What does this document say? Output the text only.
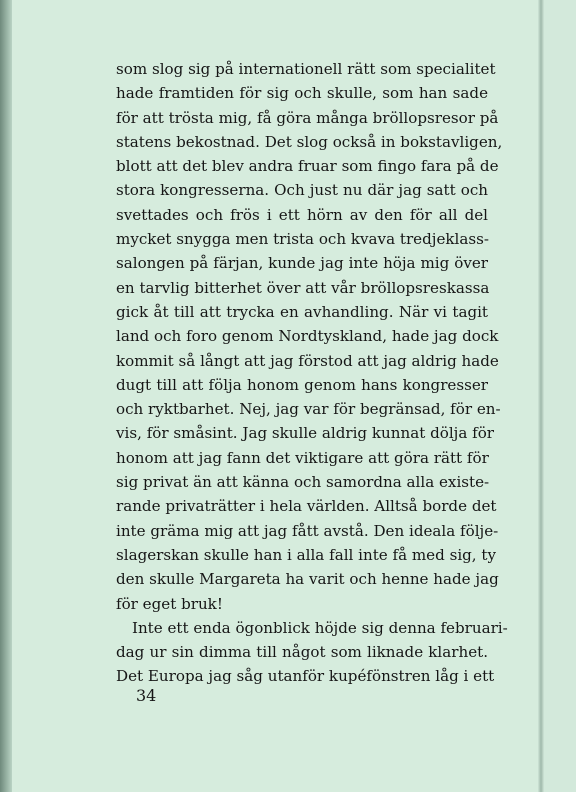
som slog sig på internationell rätt som specialitet
hade framtiden för sig och skulle, som han sade
för att trösta mig, få göra många bröllopsresor på
statens bekostnad. Det slog också in bokstavligen,
blott att det blev andra fruar som fingo fara på de
stora kongresserna. Och just nu där jag satt och
svettades och frös i ett hörn av den för all del
mycket snygga men trista och kvava tredjeklass-
salongen på färjan, kunde jag inte höja mig över
en tarvlig bitterhet över att vår bröllopsreskassa
gick åt till att trycka en avhandling. När vi tagit
land och foro genom Nordtyskland, hade jag dock
kommit så långt att jag förstod att jag aldrig hade
dugt till att följa honom genom hans kongresser
och ryktbarhet. Nej, jag var för begränsad, för en-
vis, för småsint. Jag skulle aldrig kunnat dölja för
honom att jag fann det viktigare att göra rätt för
sig privat än att känna och samordna alla existe-
rande privaträtter i hela världen. Alltså borde det
inte gräma mig att jag fått avstå. Den ideala följe-
slagerskan skulle han i alla fall inte få med sig, ty
den skulle Margareta ha varit och henne hade jag
för eget bruk!
Inte ett enda ögonblick höjde sig denna februari-
dag ur sin dimma till något som liknade klarhet.
Det Europa jag såg utanför kupéfönstren låg i ett
34
